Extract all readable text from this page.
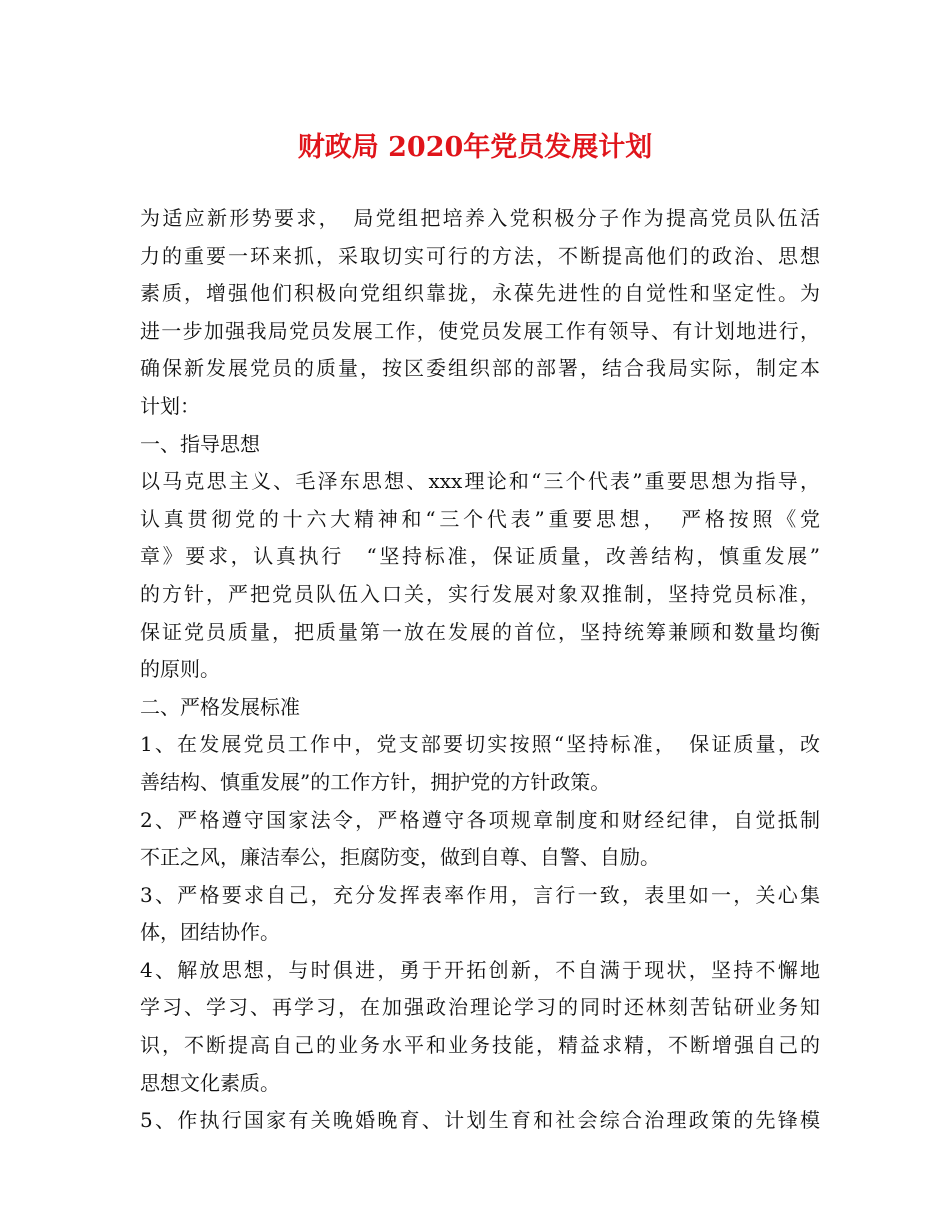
财政局 2020年党员发展计划
为适应新形势要求，　局党组把培养入党积极分子作为提高党员队伍活
力的重要一环来抓，采取切实可行的方法，不断提高他们的政治、思想
素质，增强他们积极向党组织靠拢，永葆先进性的自觉性和坚定性。为
进一步加强我局党员发展工作，使党员发展工作有领导、有计划地进行，
确保新发展党员的质量，按区委组织部的部署，结合我局实际，制定本
计划：
一、指导思想
以马克思主义、毛泽东思想、xxx理论和“三个代表”重要思想为指导，
认真贯彻党的十六大精神和“三个代表”重要思想，　严格按照《党
章》要求，认真执行　“坚持标准，保证质量，改善结构，慎重发展”
的方针，严把党员队伍入口关，实行发展对象双推制，坚持党员标准，
保证党员质量，把质量第一放在发展的首位，坚持统筹兼顾和数量均衡
的原则。
二、严格发展标准
1、在发展党员工作中，党支部要切实按照“坚持标准，　保证质量，改
善结构、慎重发展”的工作方针，拥护党的方针政策。
2、严格遵守国家法令，严格遵守各项规章制度和财经纪律，自觉抵制
不正之风，廉洁奉公，拒腐防变，做到自尊、自警、自励。
3、严格要求自己，充分发挥表率作用，言行一致，表里如一，关心集
体，团结协作。
4、解放思想，与时俱进，勇于开拓创新，不自满于现状，坚持不懈地
学习、学习、再学习，在加强政治理论学习的同时还林刻苦钻研业务知
识，不断提高自己的业务水平和业务技能，精益求精，不断增强自己的
思想文化素质。
5、作执行国家有关晚婚晚育、计划生育和社会综合治理政策的先锋模
